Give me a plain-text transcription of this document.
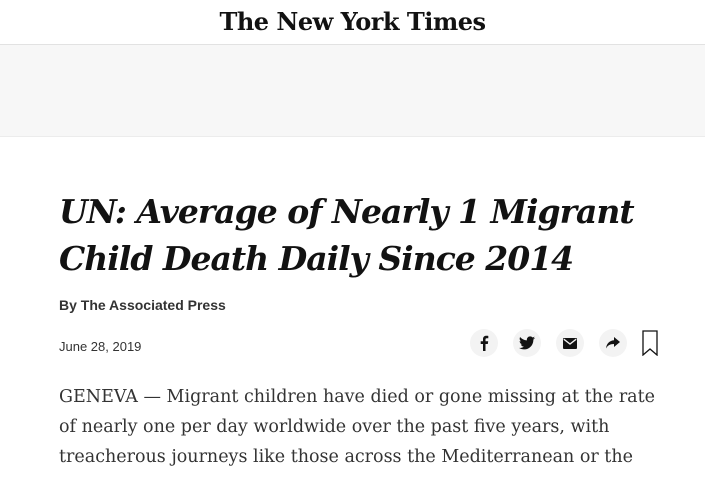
The New York Times
UN: Average of Nearly 1 Migrant Child Death Daily Since 2014
By The Associated Press
June 28, 2019

GENEVA — Migrant children have died or gone missing at the rate
of nearly one per day worldwide over the past five years, with
treacherous journeys like those across the Mediterranean or the
